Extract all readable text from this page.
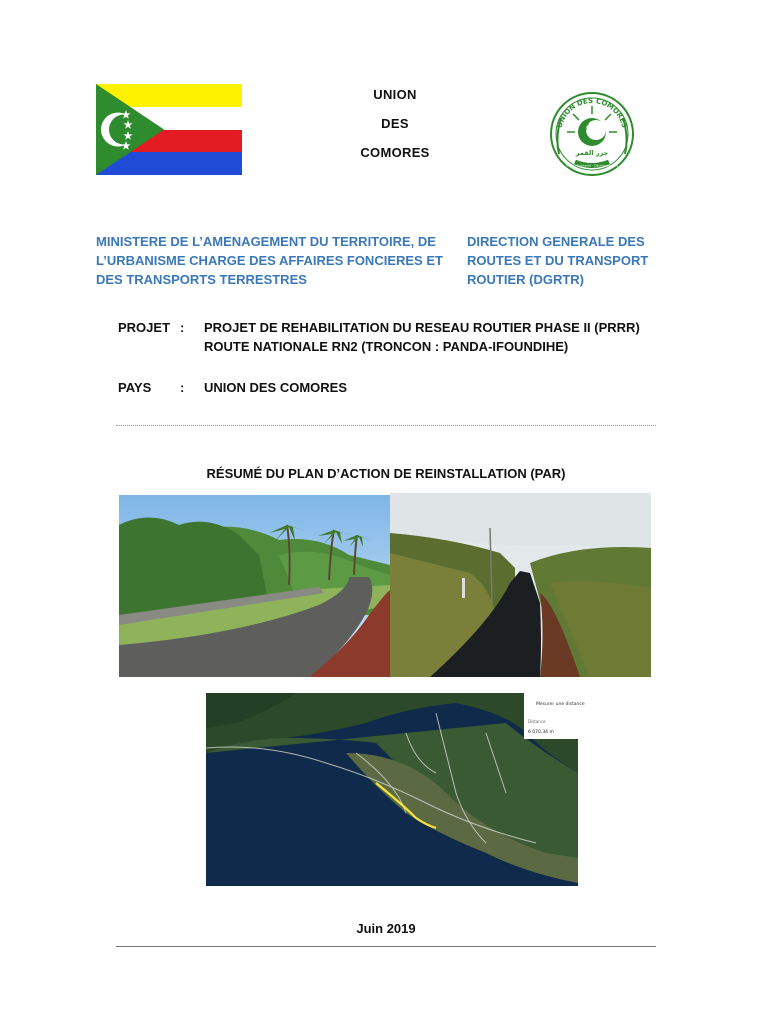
UNION
DES
COMORES
UNION DES COMORES
جزر القمر
Unité - Solidarité - Développement
MINISTERE DE L’AMENAGEMENT DU TERRITOIRE, DE
L’URBANISME CHARGE DES AFFAIRES FONCIERES ET
DES TRANSPORTS TERRESTRES
DIRECTION GENERALE DES
ROUTES ET DU TRANSPORT
ROUTIER (DGRTR)
PROJET : PROJET DE REHABILITATION DU RESEAU ROUTIER PHASE II (PRRR)
ROUTE NATIONALE RN2 (TRONCON : PANDA-IFOUNDIHE)
PAYS : UNION DES COMORES
RÉSUMÉ DU PLAN D’ACTION DE REINSTALLATION (PAR)
Mesurer une distance
Distance
6 070,34 m
Juin 2019
